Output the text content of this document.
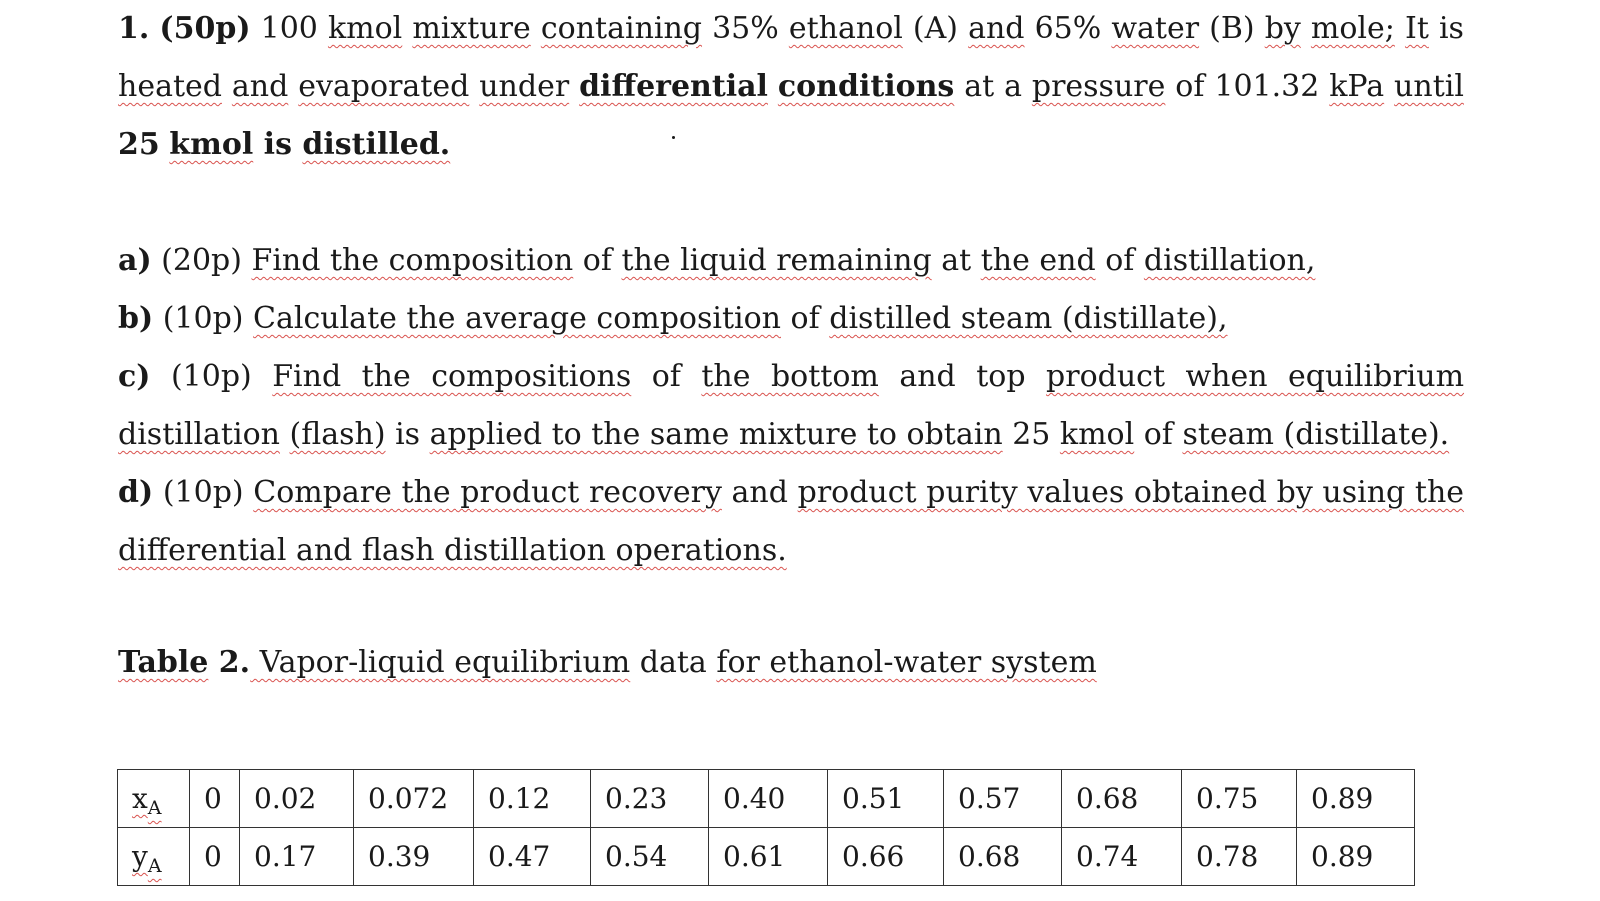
1. (50p) 100 kmol mixture containing 35% ethanol (A) and 65% water (B) by mole; It is heated and evaporated under differential conditions at a pressure of 101.32 kPa until 25 kmol is distilled.

a) (20p) Find the composition of the liquid remaining at the end of distillation,

b) (10p) Calculate the average composition of distilled steam (distillate),

c) (10p) Find the compositions of the bottom and top product when equilibrium distillation (flash) is applied to the same mixture to obtain 25 kmol of steam (distillate).

d) (10p) Compare the product recovery and product purity values obtained by using the differential and flash distillation operations.

Table 2. Vapor-liquid equilibrium data for ethanol-water system

$x_A$	0	0.02	0.072	0.12	0.23	0.40	0.51	0.57	0.68	0.75	0.89
$y_A$	0	0.17	0.39	0.47	0.54	0.61	0.66	0.68	0.74	0.78	0.89
